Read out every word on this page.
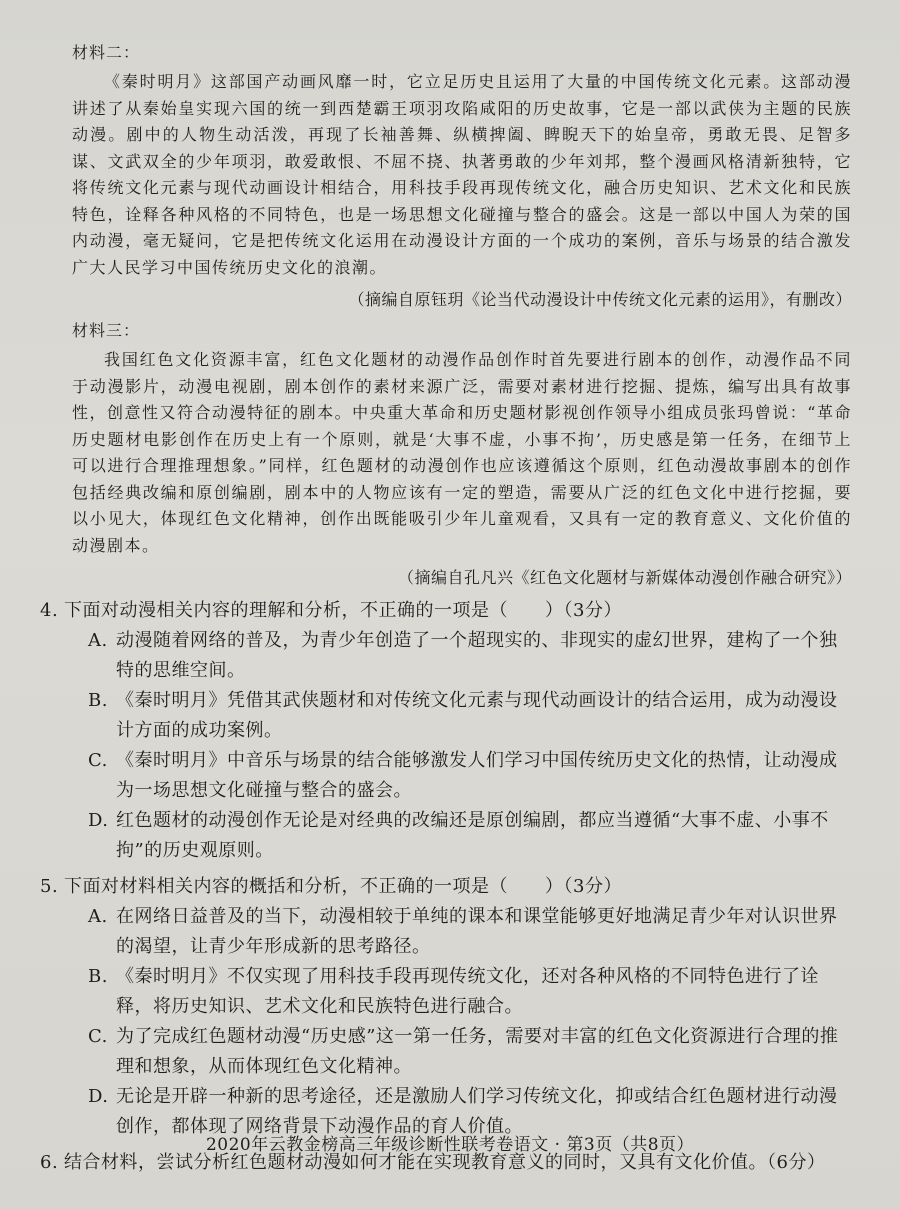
材料二：

《秦时明月》这部国产动画风靡一时，它立足历史且运用了大量的中国传统文化元素。这部动漫讲述了从秦始皇实现六国的统一到西楚霸王项羽攻陷咸阳的历史故事，它是一部以武侠为主题的民族动漫。剧中的人物生动活泼，再现了长袖善舞、纵横捭阖、睥睨天下的始皇帝，勇敢无畏、足智多谋、文武双全的少年项羽，敢爱敢恨、不屈不挠、执著勇敢的少年刘邦，整个漫画风格清新独特，它将传统文化元素与现代动画设计相结合，用科技手段再现传统文化，融合历史知识、艺术文化和民族特色，诠释各种风格的不同特色，也是一场思想文化碰撞与整合的盛会。这是一部以中国人为荣的国内动漫，毫无疑问，它是把传统文化运用在动漫设计方面的一个成功的案例，音乐与场景的结合激发广大人民学习中国传统历史文化的浪潮。

（摘编自原钰玥《论当代动漫设计中传统文化元素的运用》，有删改）
材料三：

我国红色文化资源丰富，红色文化题材的动漫作品创作时首先要进行剧本的创作，动漫作品不同于动漫影片，动漫电视剧，剧本创作的素材来源广泛，需要对素材进行挖掘、提炼，编写出具有故事性，创意性又符合动漫特征的剧本。中央重大革命和历史题材影视创作领导小组成员张玛曾说：“革命历史题材电影创作在历史上有一个原则，就是‘大事不虚，小事不拘’，历史感是第一任务，在细节上可以进行合理推理想象。”同样，红色题材的动漫创作也应该遵循这个原则，红色动漫故事剧本的创作包括经典改编和原创编剧，剧本中的人物应该有一定的塑造，需要从广泛的红色文化中进行挖掘，要以小见大，体现红色文化精神，创作出既能吸引少年儿童观看，又具有一定的教育意义、文化价值的动漫剧本。

（摘编自孔凡兴《红色文化题材与新媒体动漫创作融合研究》）

4. 下面对动漫相关内容的理解和分析，不正确的一项是（　　）（3分）

A. 动漫随着网络的普及，为青少年创造了一个超现实的、非现实的虚幻世界，建构了一个独特的思维空间。

B. 《秦时明月》凭借其武侠题材和对传统文化元素与现代动画设计的结合运用，成为动漫设计方面的成功案例。

C. 《秦时明月》中音乐与场景的结合能够激发人们学习中国传统历史文化的热情，让动漫成为一场思想文化碰撞与整合的盛会。

D. 红色题材的动漫创作无论是对经典的改编还是原创编剧，都应当遵循“大事不虚、小事不拘”的历史观原则。

5. 下面对材料相关内容的概括和分析，不正确的一项是（　　）（3分）

A. 在网络日益普及的当下，动漫相较于单纯的课本和课堂能够更好地满足青少年对认识世界的渴望，让青少年形成新的思考路径。

B. 《秦时明月》不仅实现了用科技手段再现传统文化，还对各种风格的不同特色进行了诠释，将历史知识、艺术文化和民族特色进行融合。

C. 为了完成红色题材动漫“历史感”这一第一任务，需要对丰富的红色文化资源进行合理的推理和想象，从而体现红色文化精神。

D. 无论是开辟一种新的思考途径，还是激励人们学习传统文化，抑或结合红色题材进行动漫创作，都体现了网络背景下动漫作品的育人价值。

6. 结合材料，尝试分析红色题材动漫如何才能在实现教育意义的同时，又具有文化价值。（6分）

2020年云教金榜高三年级诊断性联考卷语文 · 第3页（共8页）
